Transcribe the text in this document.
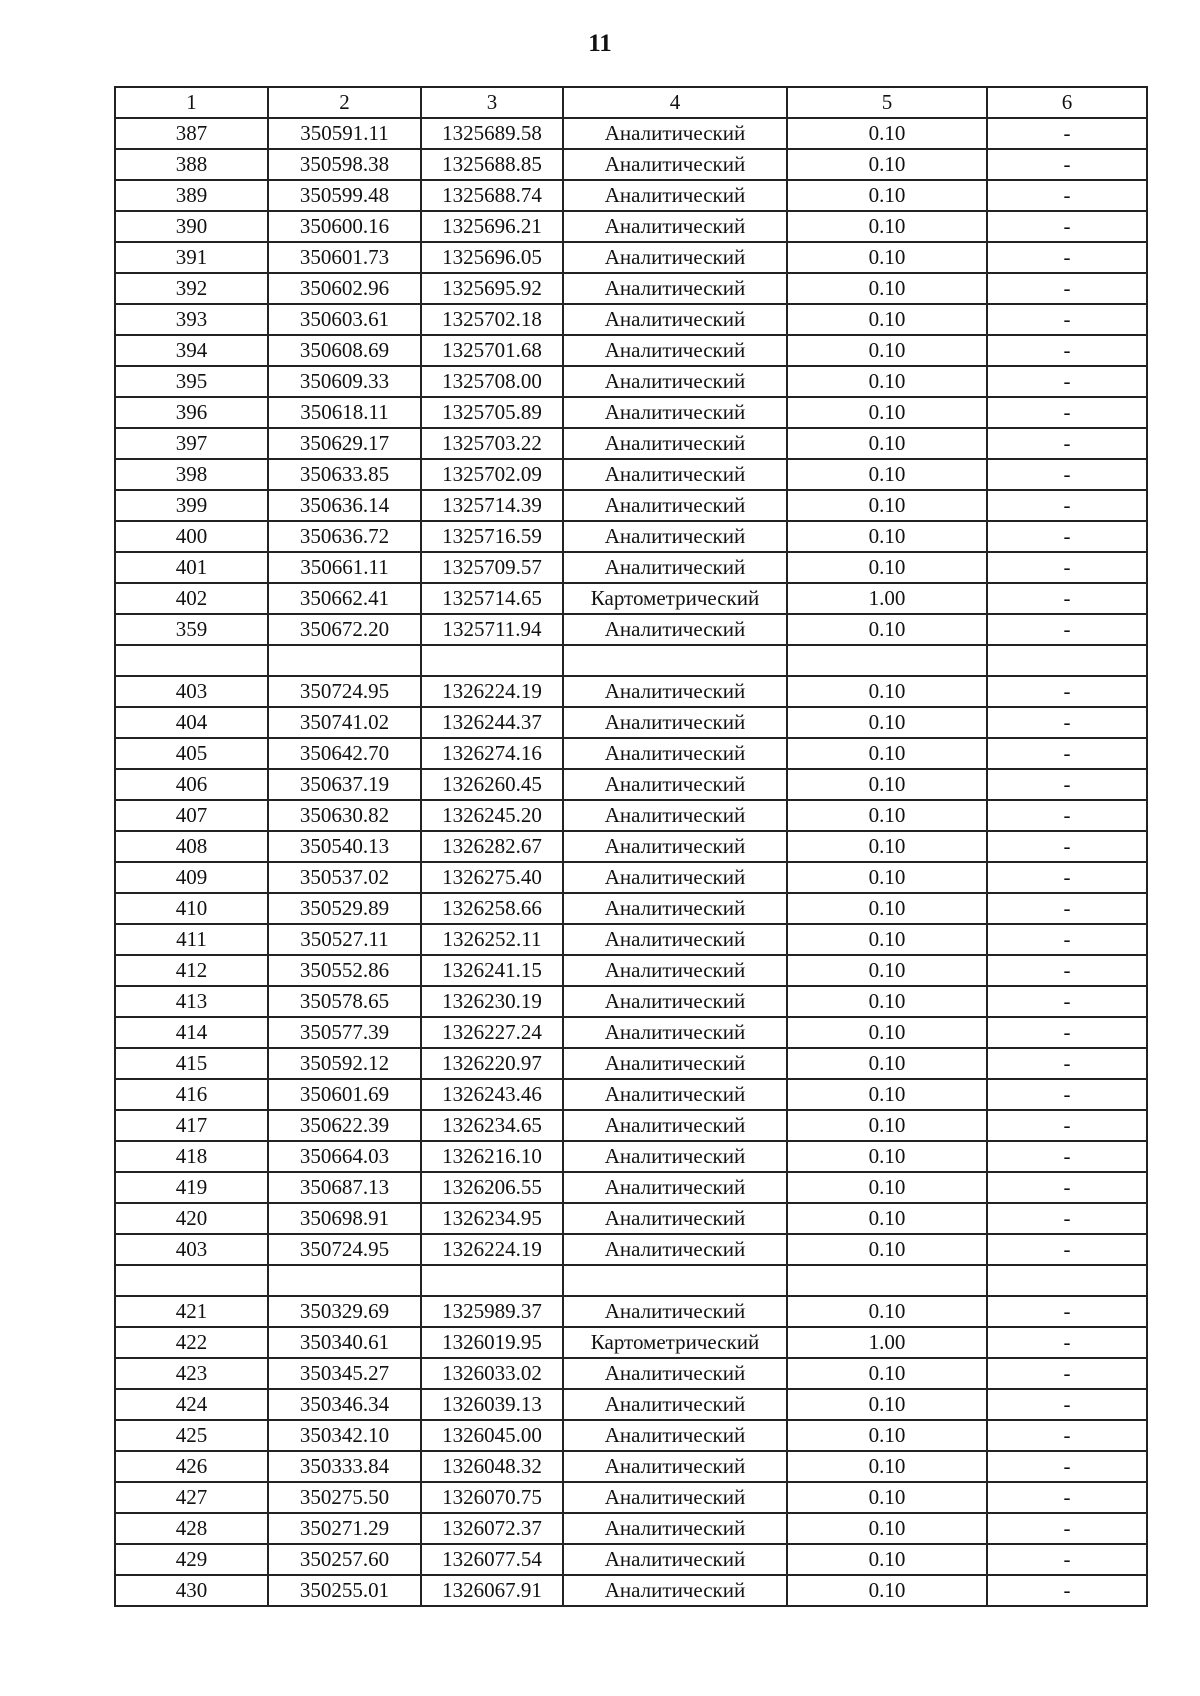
11
1	2	3	4	5	6
387	350591.11	1325689.58	Аналитический	0.10	-
388	350598.38	1325688.85	Аналитический	0.10	-
389	350599.48	1325688.74	Аналитический	0.10	-
390	350600.16	1325696.21	Аналитический	0.10	-
391	350601.73	1325696.05	Аналитический	0.10	-
392	350602.96	1325695.92	Аналитический	0.10	-
393	350603.61	1325702.18	Аналитический	0.10	-
394	350608.69	1325701.68	Аналитический	0.10	-
395	350609.33	1325708.00	Аналитический	0.10	-
396	350618.11	1325705.89	Аналитический	0.10	-
397	350629.17	1325703.22	Аналитический	0.10	-
398	350633.85	1325702.09	Аналитический	0.10	-
399	350636.14	1325714.39	Аналитический	0.10	-
400	350636.72	1325716.59	Аналитический	0.10	-
401	350661.11	1325709.57	Аналитический	0.10	-
402	350662.41	1325714.65	Картометрический	1.00	-
359	350672.20	1325711.94	Аналитический	0.10	-

403	350724.95	1326224.19	Аналитический	0.10	-
404	350741.02	1326244.37	Аналитический	0.10	-
405	350642.70	1326274.16	Аналитический	0.10	-
406	350637.19	1326260.45	Аналитический	0.10	-
407	350630.82	1326245.20	Аналитический	0.10	-
408	350540.13	1326282.67	Аналитический	0.10	-
409	350537.02	1326275.40	Аналитический	0.10	-
410	350529.89	1326258.66	Аналитический	0.10	-
411	350527.11	1326252.11	Аналитический	0.10	-
412	350552.86	1326241.15	Аналитический	0.10	-
413	350578.65	1326230.19	Аналитический	0.10	-
414	350577.39	1326227.24	Аналитический	0.10	-
415	350592.12	1326220.97	Аналитический	0.10	-
416	350601.69	1326243.46	Аналитический	0.10	-
417	350622.39	1326234.65	Аналитический	0.10	-
418	350664.03	1326216.10	Аналитический	0.10	-
419	350687.13	1326206.55	Аналитический	0.10	-
420	350698.91	1326234.95	Аналитический	0.10	-
403	350724.95	1326224.19	Аналитический	0.10	-

421	350329.69	1325989.37	Аналитический	0.10	-
422	350340.61	1326019.95	Картометрический	1.00	-
423	350345.27	1326033.02	Аналитический	0.10	-
424	350346.34	1326039.13	Аналитический	0.10	-
425	350342.10	1326045.00	Аналитический	0.10	-
426	350333.84	1326048.32	Аналитический	0.10	-
427	350275.50	1326070.75	Аналитический	0.10	-
428	350271.29	1326072.37	Аналитический	0.10	-
429	350257.60	1326077.54	Аналитический	0.10	-
430	350255.01	1326067.91	Аналитический	0.10	-
